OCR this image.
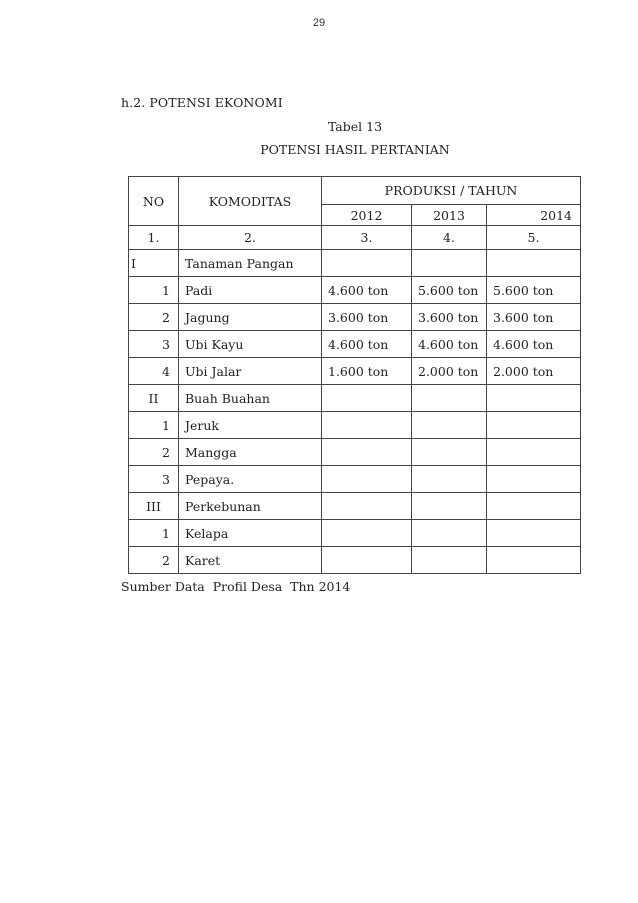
29
h.2. POTENSI EKONOMI
Tabel 13
POTENSI HASIL PERTANIAN
NO	KOMODITAS	PRODUKSI / TAHUN		
		2012	2013	2014
1.	2.	3.	4.	5.
I	Tanaman Pangan			
1	Padi	4.600 ton	5.600 ton	5.600 ton
2	Jagung	3.600 ton	3.600 ton	3.600 ton
3	Ubi Kayu	4.600 ton	4.600 ton	4.600 ton
4	Ubi Jalar	1.600 ton	2.000 ton	2.000 ton
II	Buah Buahan			
1	Jeruk			
2	Mangga			
3	Pepaya.			
III	Perkebunan			
1	Kelapa			
2	Karet			
Sumber Data  Profil Desa  Thn 2014
